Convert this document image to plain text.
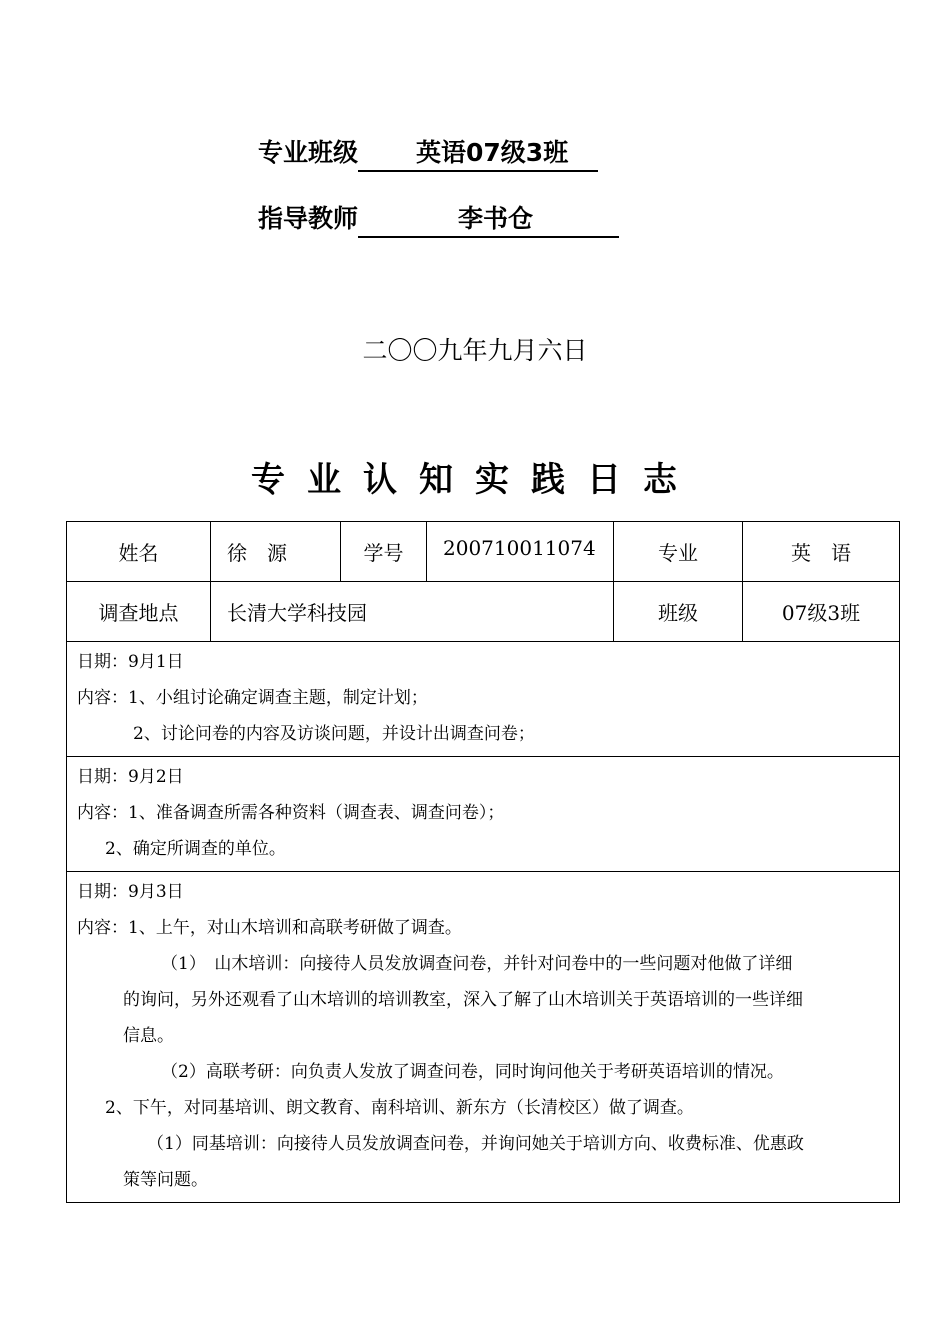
专业班级 英语07级3班
指导教师	李书仓
二〇〇九年九月六日
专业认知实践日志
姓名	徐　源	学号	200710011074	专业	英　语
调查地点	长清大学科技园	班级	07级3班

日期：9月1日

内容：1、小组讨论确定调查主题，制定计划；

2、讨论问卷的内容及访谈问题，并设计出调查问卷；

日期：9月2日

内容：1、准备调查所需各种资料（调查表、调查问卷）；

2、确定所调查的单位。

日期：9月3日

内容：1、上午，对山木培训和高联考研做了调查。

（1）　山木培训：向接待人员发放调查问卷，并针对问卷中的一些问题对他做了详细

的询问，另外还观看了山木培训的培训教室，深入了解了山木培训关于英语培训的一些详细

信息。

（2）高联考研：向负责人发放了调查问卷，同时询问他关于考研英语培训的情况。

2、下午，对同基培训、朗文教育、南科培训、新东方（长清校区）做了调查。

（1）同基培训：向接待人员发放调查问卷，并询问她关于培训方向、收费标准、优惠政

策等问题。
